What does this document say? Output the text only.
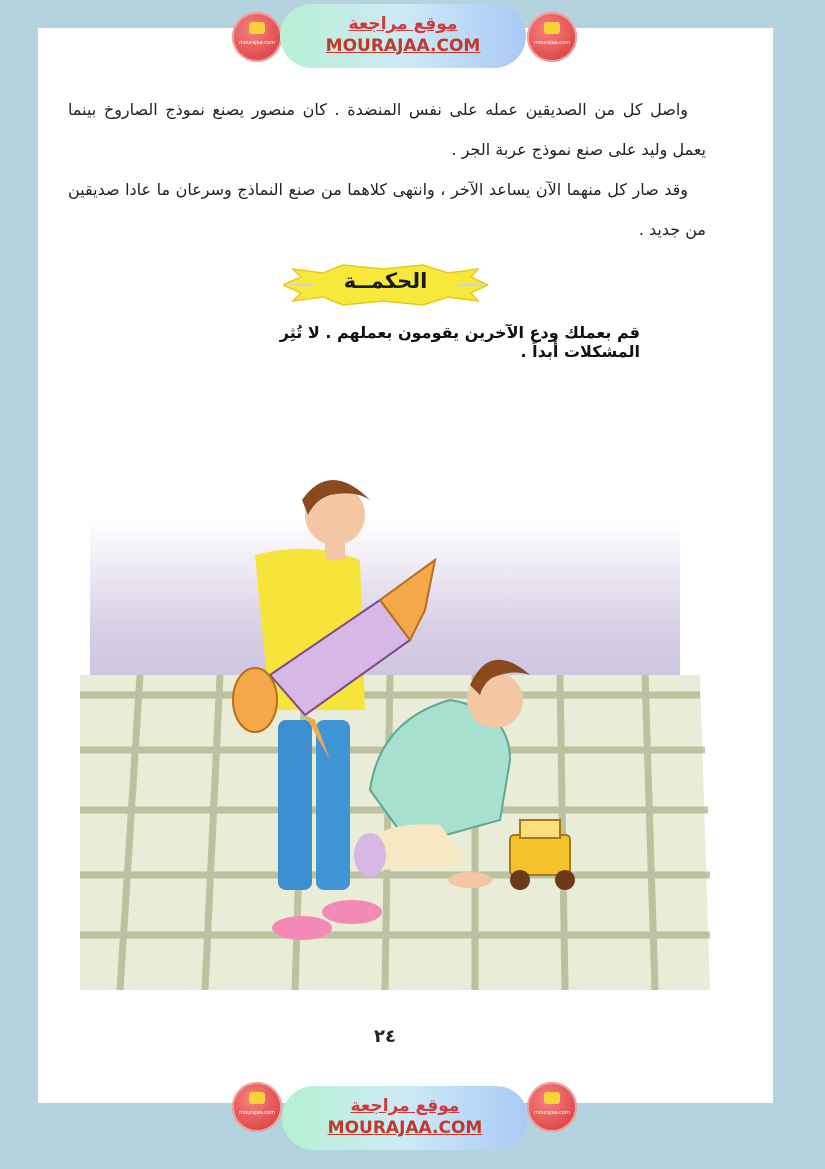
mourajaa.com
موقع مراجعة
MOURAJAA.COM	mourajaa.com

واصل كل من الصديقين عمله على نفس المنضدة . كان منصور يصنع نموذج الصاروخ بينما يعمل وليد على صنع نموذج عربة الجر .

وقد صار كل منهما الآن يساعد الآخر ، وانتهى كلاهما من صنع النماذج وسرعان ما عادا صديقين من جديد .

الحكمــة
قم بعملك ودع الآخرين يقومون بعملهم . لا تُثِر المشكلات أبداً .
٢٤
mourajaa.com	موقع مراجعة
MOURAJAA.COM
mourajaa.com
